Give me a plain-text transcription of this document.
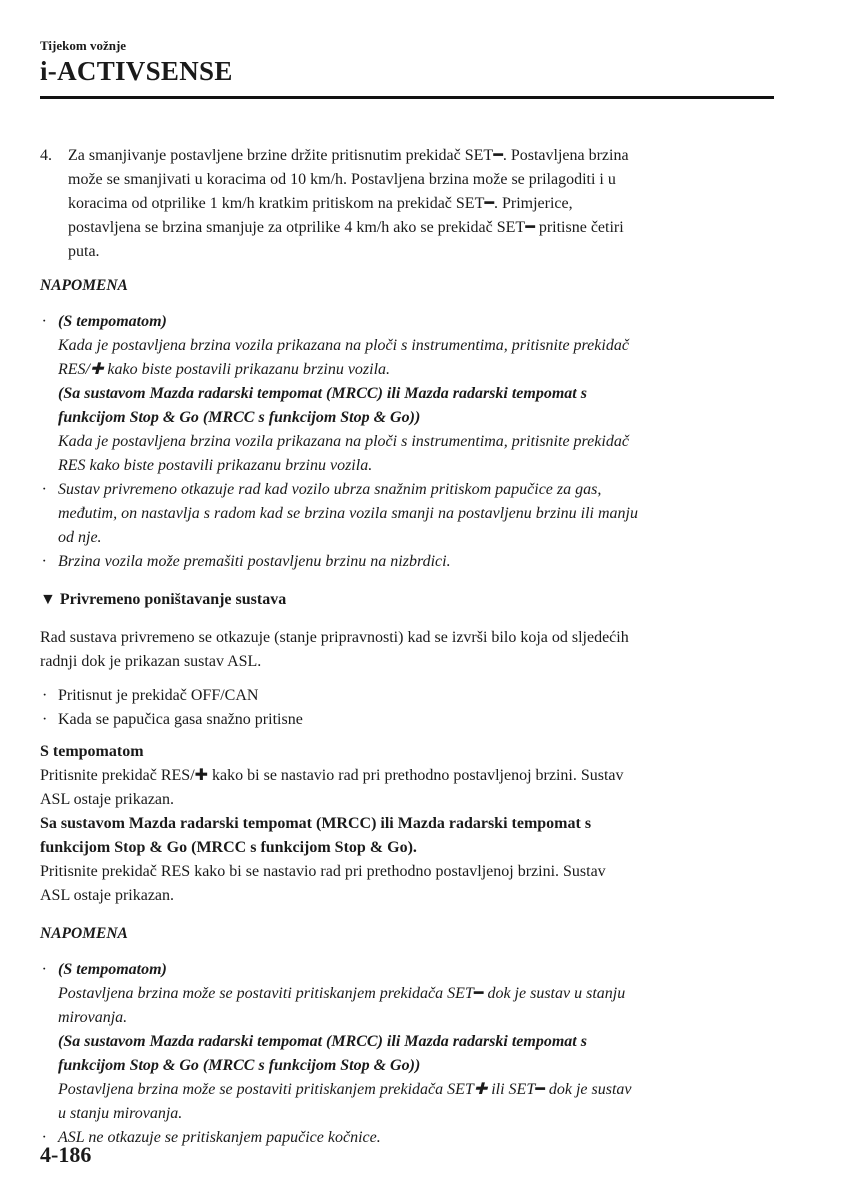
Tijekom vožnje
i-ACTIVSENSE
4. Za smanjivanje postavljene brzine držite pritisnutim prekidač SET━. Postavljena brzina
može se smanjivati u koracima od 10 km/h. Postavljena brzina može se prilagoditi i u
koracima od otprilike 1 km/h kratkim pritiskom na prekidač SET━. Primjerice,
postavljena se brzina smanjuje za otprilike 4 km/h ako se prekidač SET━ pritisne četiri
puta.
NAPOMENA
· (S tempomatom)
Kada je postavljena brzina vozila prikazana na ploči s instrumentima, pritisnite prekidač
RES/✚ kako biste postavili prikazanu brzinu vozila.
(Sa sustavom Mazda radarski tempomat (MRCC) ili Mazda radarski tempomat s
funkcijom Stop & Go (MRCC s funkcijom Stop & Go))
Kada je postavljena brzina vozila prikazana na ploči s instrumentima, pritisnite prekidač
RES kako biste postavili prikazanu brzinu vozila.
· Sustav privremeno otkazuje rad kad vozilo ubrza snažnim pritiskom papučice za gas,
međutim, on nastavlja s radom kad se brzina vozila smanji na postavljenu brzinu ili manju
od nje.
· Brzina vozila može premašiti postavljenu brzinu na nizbrdici.
▼ Privremeno poništavanje sustava
Rad sustava privremeno se otkazuje (stanje pripravnosti) kad se izvrši bilo koja od sljedećih
radnji dok je prikazan sustav ASL.
· Pritisnut je prekidač OFF/CAN
· Kada se papučica gasa snažno pritisne
S tempomatom
Pritisnite prekidač RES/✚ kako bi se nastavio rad pri prethodno postavljenoj brzini. Sustav
ASL ostaje prikazan.
Sa sustavom Mazda radarski tempomat (MRCC) ili Mazda radarski tempomat s
funkcijom Stop & Go (MRCC s funkcijom Stop & Go).
Pritisnite prekidač RES kako bi se nastavio rad pri prethodno postavljenoj brzini. Sustav
ASL ostaje prikazan.
NAPOMENA
· (S tempomatom)
Postavljena brzina može se postaviti pritiskanjem prekidača SET━ dok je sustav u stanju
mirovanja.
(Sa sustavom Mazda radarski tempomat (MRCC) ili Mazda radarski tempomat s
funkcijom Stop & Go (MRCC s funkcijom Stop & Go))
Postavljena brzina može se postaviti pritiskanjem prekidača SET✚ ili SET━ dok je sustav
u stanju mirovanja.
· ASL ne otkazuje se pritiskanjem papučice kočnice.
4-186
